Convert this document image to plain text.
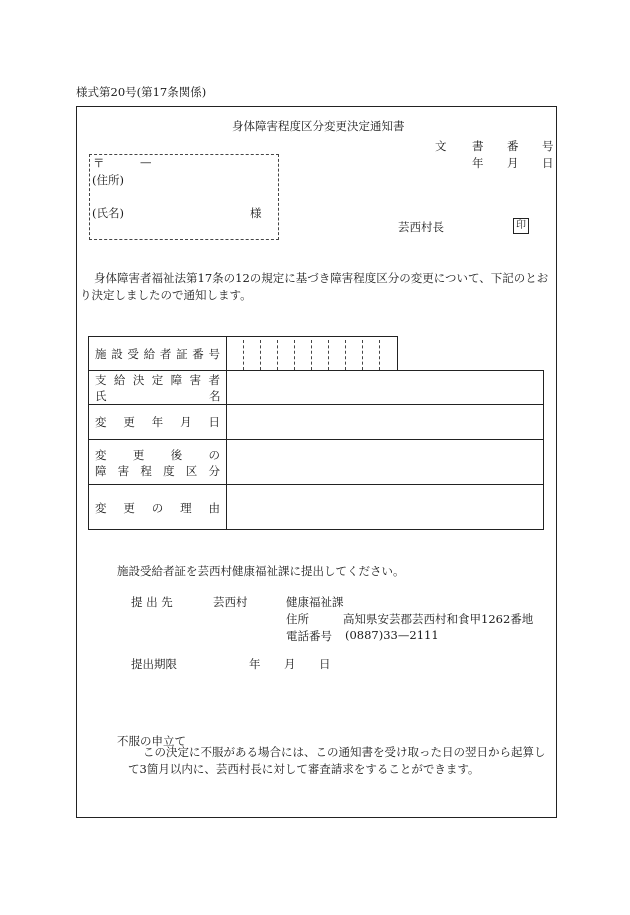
様式第20号(第17条関係)
身体障害程度区分変更決定通知書
文 書 番 号
年 月 日
〒	—
(住所)
(氏名)	様
芸西村長	印
身体障害者福祉法第17条の12の規定に基づき障害程度区分の変更について、下記のとお
り決定しましたので通知します。
施設受給者証番号
支給決定障害者
氏	名
変更年月日
変更後の
障害程度区分
変更の理由
施設受給者証を芸西村健康福祉課に提出してください。
提 出 先	芸西村	健康福祉課
住所	高知県安芸郡芸西村和食甲1262番地
電話番号 (0887)33—2111
提出期限	年 月 日
不服の申立て
この決定に不服がある場合には、この通知書を受け取った日の翌日から起算し
て3箇月以内に、芸西村長に対して審査請求をすることができます。
